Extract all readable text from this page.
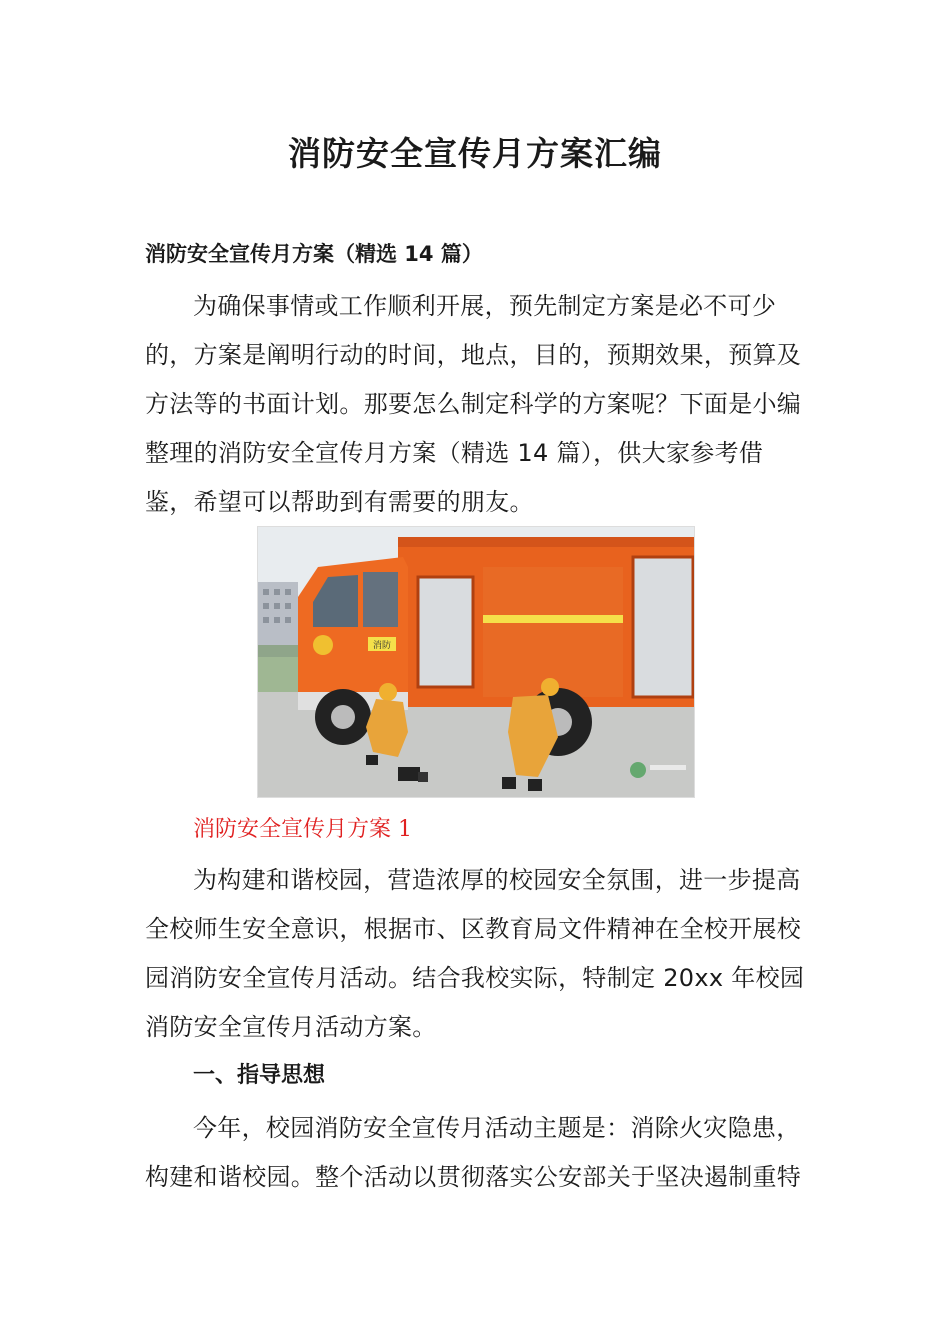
消防安全宣传月方案汇编
消防安全宣传月方案（精选 14 篇）

为确保事情或工作顺利开展，预先制定方案是必不可少的，方案是阐明行动的时间，地点，目的，预期效果，预算及方法等的书面计划。那要怎么制定科学的方案呢？下面是小编整理的消防安全宣传月方案（精选 14 篇），供大家参考借鉴，希望可以帮助到有需要的朋友。

消防
消防安全宣传月方案 1

为构建和谐校园，营造浓厚的校园安全氛围，进一步提高全校师生安全意识，根据市、区教育局文件精神在全校开展校园消防安全宣传月活动。结合我校实际，特制定 20xx 年校园消防安全宣传月活动方案。

一、指导思想

今年，校园消防安全宣传月活动主题是：消除火灾隐患，构建和谐校园。整个活动以贯彻落实公安部关于坚决遏制重特
